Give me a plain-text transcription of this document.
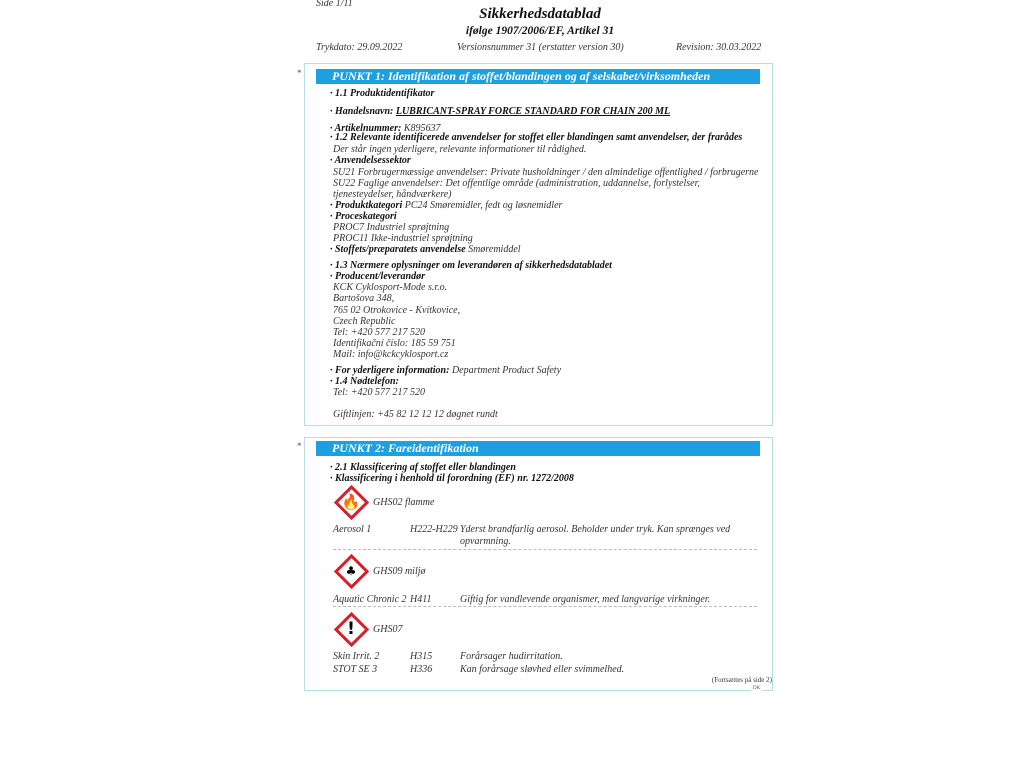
Side 1/11
Sikkerhedsdatablad
ifølge 1907/2006/EF, Artikel 31
Trykdato: 29.09.2022	Versionsnummer 31 (erstatter version 30)	Revision: 30.03.2022
*	PUNKT 1: Identifikation af stoffet/blandingen og af selskabet/virksomheden
· 1.1 Produktidentifikator
· Handelsnavn: LUBRICANT-SPRAY FORCE STANDARD FOR CHAIN 200 ML
· Artikelnummer: K895637
· 1.2 Relevante identificerede anvendelser for stoffet eller blandingen samt anvendelser, der frarådes
Der står ingen yderligere, relevante informationer til rådighed.
· Anvendelsessektor
SU21 Forbrugermæssige anvendelser: Private husholdninger / den almindelige offentlighed / forbrugerne
SU22 Faglige anvendelser: Det offentlige område (administration, uddannelse, forlystelser,
tjenesteydelser, håndværkere)
· Produktkategori PC24 Smøremidler, fedt og løsnemidler
· Proceskategori
PROC7 Industriel sprøjtning
PROC11 Ikke-industriel sprøjtning
· Stoffets/præparatets anvendelse Smøremiddel
· 1.3 Nærmere oplysninger om leverandøren af sikkerhedsdatabladet
· Producent/leverandør
KCK Cyklosport-Mode s.r.o.
Bartošova 348,
765 02 Otrokovice - Kvítkovice,
Czech Republic
Tel: +420 577 217 520
Identifikační číslo: 185 59 751
Mail: info@kckcyklosport.cz
· For yderligere information: Department Product Safety
· 1.4 Nødtelefon:
Tel: +420 577 217 520
Giftlinjen: +45 82 12 12 12 døgnet rundt
*	PUNKT 2: Fareidentifikation
· 2.1 Klassificering af stoffet eller blandingen
· Klassificering i henhold til forordning (EF) nr. 1272/2008
🔥	GHS02 flamme
Aerosol 1	H222-H229 Yderst brandfarlig aerosol. Beholder under tryk. Kan sprænges ved
opvarmning.
♣	GHS09 miljø
Aquatic Chronic 2 H411	Giftig for vandlevende organismer, med langvarige virkninger.
!	GHS07
Skin Irrit. 2	H315	Forårsager hudirritation.
STOT SE 3	H336	Kan forårsage sløvhed eller svimmelhed.
(Fortsættes på side 2)
DK
